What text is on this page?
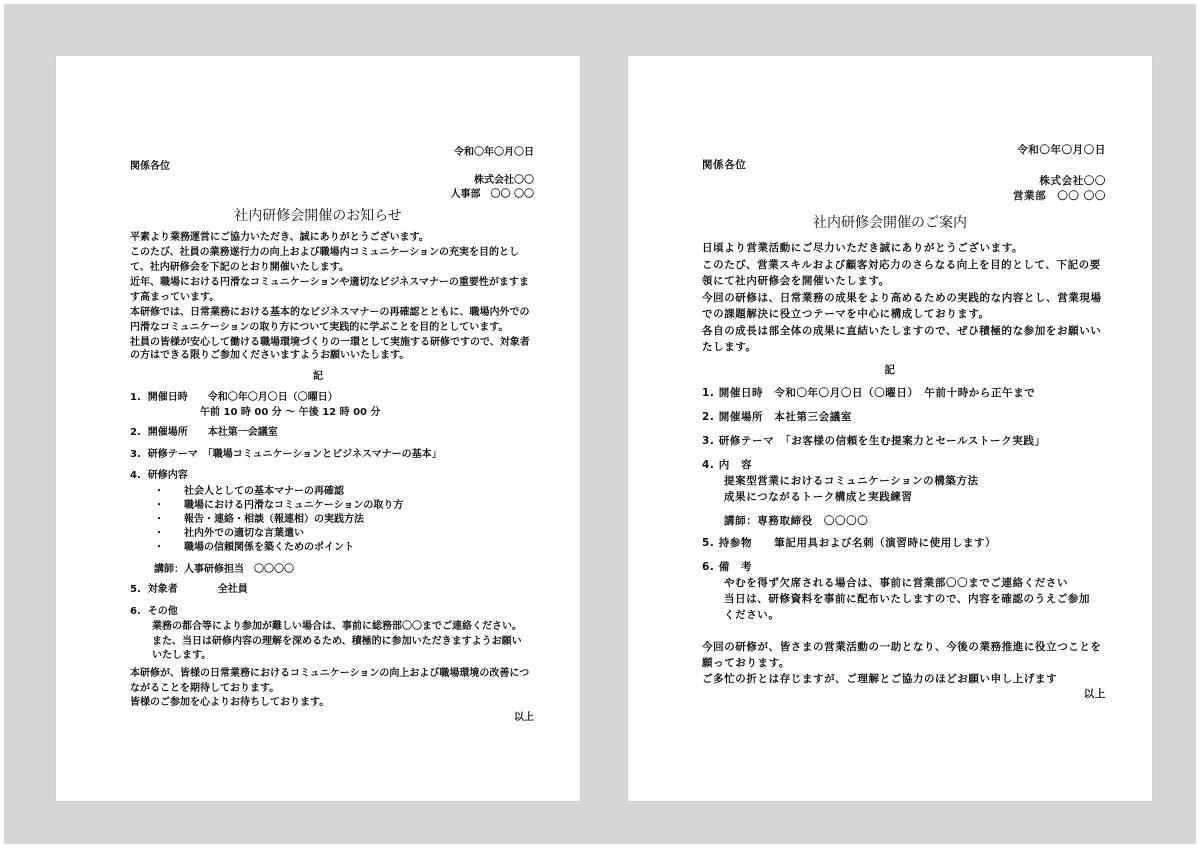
令和〇年〇月〇日
関係各位
株式会社〇〇
人事部　〇〇 〇〇
社内研修会開催のお知らせ
平素より業務運営にご協力いただき、誠にありがとうございます。
このたび、社員の業務遂行力の向上および職場内コミュニケーションの充実を目的とし
て、社内研修会を下記のとおり開催いたします。
近年、職場における円滑なコミュニケーションや適切なビジネスマナーの重要性がますま
す高まっています。
本研修では、日常業務における基本的なビジネスマナーの再確認とともに、職場内外での
円滑なコミュニケーションの取り方について実践的に学ぶことを目的としています。
社員の皆様が安心して働ける職場環境づくりの一環として実施する研修ですので、対象者
の方はできる限りご参加くださいますようお願いいたします。
記
1.  開催日時　　令和〇年〇月〇日（〇曜日）
午前 10 時 00 分 ～ 午後 12 時 00 分
2.  開催場所　　本社第一会議室
3.  研修テーマ　「職場コミュニケーションとビジネスマナーの基本」
4.  研修内容
・　　社会人としての基本マナーの再確認
・　　職場における円滑なコミュニケーションの取り方
・　　報告・連絡・相談（報連相）の実践方法
・　　社内外での適切な言葉遣い
・　　職場の信頼関係を築くためのポイント
講師：人事研修担当　〇〇〇〇
5.  対象者　　　　全社員
6.  その他
業務の都合等により参加が難しい場合は、事前に総務部〇〇までご連絡ください。
また、当日は研修内容の理解を深めるため、積極的に参加いただきますようお願い
いたします。
本研修が、皆様の日常業務におけるコミュニケーションの向上および職場環境の改善につ
ながることを期待しております。
皆様のご参加を心よりお待ちしております。
以上
令和〇年〇月〇日
関係各位
株式会社〇〇
営業部　〇〇 〇〇
社内研修会開催のご案内
日頃より営業活動にご尽力いただき誠にありがとうございます。
このたび、営業スキルおよび顧客対応力のさらなる向上を目的として、下記の要
領にて社内研修会を開催いたします。
今回の研修は、日常業務の成果をより高めるための実践的な内容とし、営業現場
での課題解決に役立つテーマを中心に構成しております。
各自の成長は部全体の成果に直結いたしますので、ぜひ積極的な参加をお願いい
たします。
記
1. 開催日時　令和〇年〇月〇日（〇曜日）　午前十時から正午まで
2. 開催場所　本社第三会議室
3. 研修テーマ　「お客様の信頼を生む提案力とセールストーク実践」
4. 内　容
提案型営業におけるコミュニケーションの構築方法
成果につながるトーク構成と実践練習
講師：専務取締役　〇〇〇〇
5. 持参物　　筆記用具および名刺（演習時に使用します）
6. 備　考
やむを得ず欠席される場合は、事前に営業部〇〇までご連絡ください
当日は、研修資料を事前に配布いたしますので、内容を確認のうえご参加
ください。
今回の研修が、皆さまの営業活動の一助となり、今後の業務推進に役立つことを
願っております。
ご多忙の折とは存じますが、ご理解とご協力のほどお願い申し上げます
以上
